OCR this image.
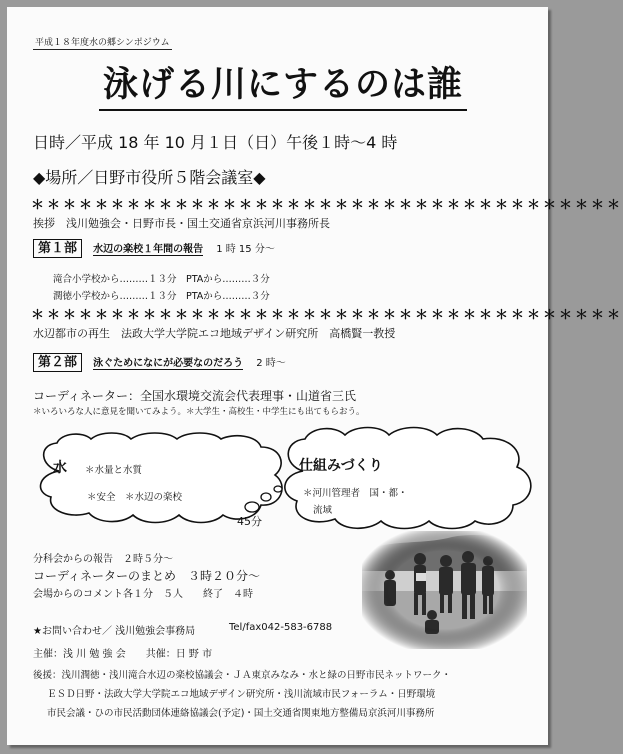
平成１８年度水の郷シンポジウム
泳げる川にするのは誰
日時／平成 18 年 10 月１日（日）午後１時～4 時
◆場所／日野市役所５階会議室◆
＊＊＊＊＊＊＊＊＊＊＊＊＊＊＊＊＊＊＊＊＊＊＊＊＊＊＊＊＊＊＊＊＊＊＊＊＊
挨拶　浅川勉強会・日野市長・国土交通省京浜河川事務所長
第１部 水辺の楽校１年間の報告 1 時 15 分～
滝合小学校から………１３分　PTAから………３分
潤徳小学校から………１３分　PTAから………３分
＊＊＊＊＊＊＊＊＊＊＊＊＊＊＊＊＊＊＊＊＊＊＊＊＊＊＊＊＊＊＊＊＊＊＊＊＊
水辺都市の再生　法政大学大学院エコ地域デザイン研究所　高橋賢一教授
第２部 泳ぐためになにが必要なのだろう 2 時～
コーディネーター：全国水環境交流会代表理事・山道省三氏
＊いろいろな人に意見を聞いてみよう。＊大学生・高校生・中学生にも出てもらおう。
水 ＊水量と水質
＊安全　＊水辺の楽校
仕組みづくり
＊河川管理者　国・都・
流域
45分
分科会からの報告　２時５分～
コーディネーターのまとめ　３時２０分～
会場からのコメント各１分　５人　　終了　４時
★お問い合わせ／ 浅川勉強会事務局	Tel/fax042-583-6788
主催：浅 川 勉 強 会　　共催：日 野 市
後援：浅川潤徳・浅川滝合水辺の楽校協議会・ＪＡ東京みなみ・水と緑の日野市民ネットワーク・
ＥＳＤ日野・法政大学大学院エコ地域デザイン研究所・浅川流域市民フォーラム・日野環境
市民会議・ひの市民活動団体連絡協議会(予定)・国土交通省関東地方整備局京浜河川事務所
